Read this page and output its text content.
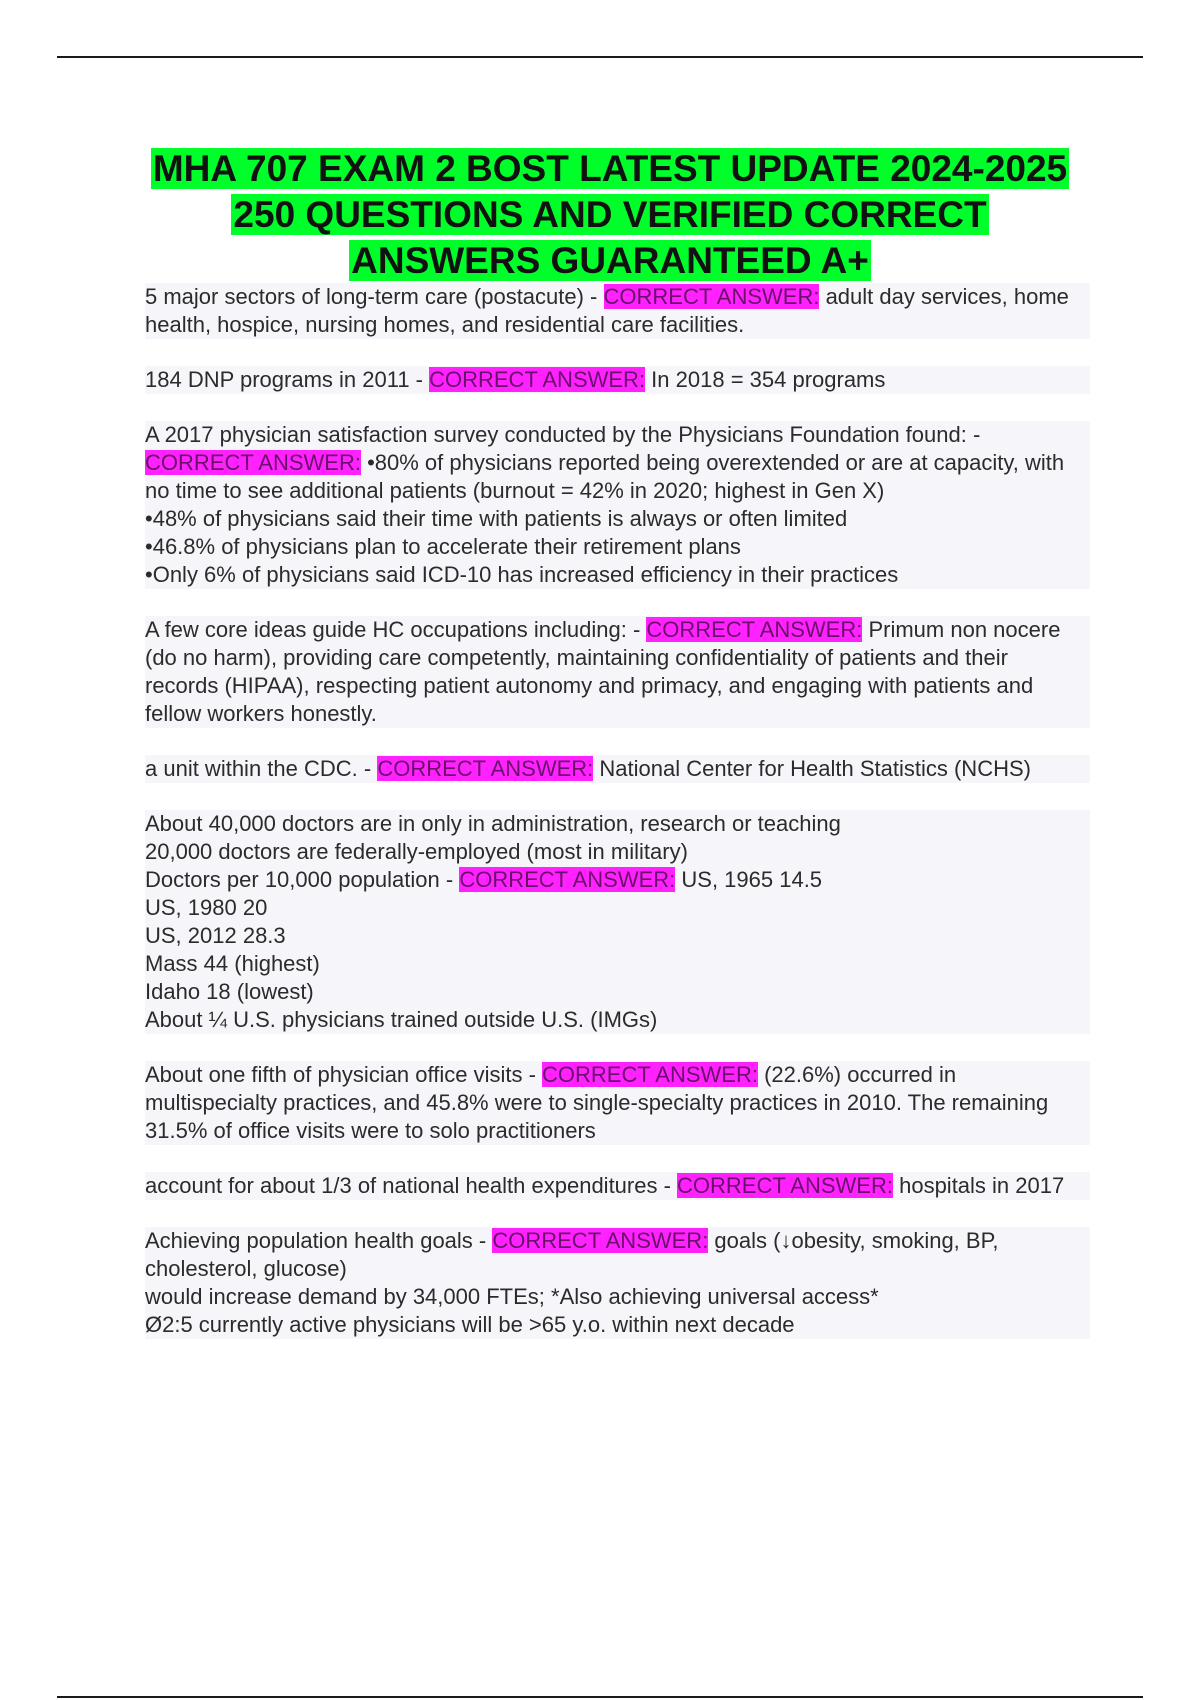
MHA 707 EXAM 2 BOST LATEST UPDATE 2024-2025 250 QUESTIONS AND VERIFIED CORRECT ANSWERS GUARANTEED A+
5 major sectors of long-term care (postacute) - CORRECT ANSWER: adult day services, home health, hospice, nursing homes, and residential care facilities.
184 DNP programs in 2011 - CORRECT ANSWER: In 2018 = 354 programs
A 2017 physician satisfaction survey conducted by the Physicians Foundation found: - CORRECT ANSWER: •80% of physicians reported being overextended or are at capacity, with no time to see additional patients (burnout = 42% in 2020; highest in Gen X)
•48% of physicians said their time with patients is always or often limited
•46.8% of physicians plan to accelerate their retirement plans
•Only 6% of physicians said ICD-10 has increased efficiency in their practices
A few core ideas guide HC occupations including: - CORRECT ANSWER: Primum non nocere (do no harm), providing care competently, maintaining confidentiality of patients and their records (HIPAA), respecting patient autonomy and primacy, and engaging with patients and fellow workers honestly.
a unit within the CDC. - CORRECT ANSWER: National Center for Health Statistics (NCHS)
About 40,000 doctors are in only in administration, research or teaching
20,000 doctors are federally-employed (most in military)
Doctors per 10,000 population - CORRECT ANSWER: US, 1965 14.5
US, 1980 20
US, 2012 28.3
Mass 44 (highest)
Idaho 18 (lowest)
About ¼ U.S. physicians trained outside U.S. (IMGs)
About one fifth of physician office visits - CORRECT ANSWER: (22.6%) occurred in multispecialty practices, and 45.8% were to single-specialty practices in 2010. The remaining 31.5% of office visits were to solo practitioners
account for about 1/3 of national health expenditures - CORRECT ANSWER: hospitals in 2017
Achieving population health goals - CORRECT ANSWER: goals (↓obesity, smoking, BP, cholesterol, glucose)
would increase demand by 34,000 FTEs; *Also achieving universal access*
Ø2:5 currently active physicians will be >65 y.o. within next decade
